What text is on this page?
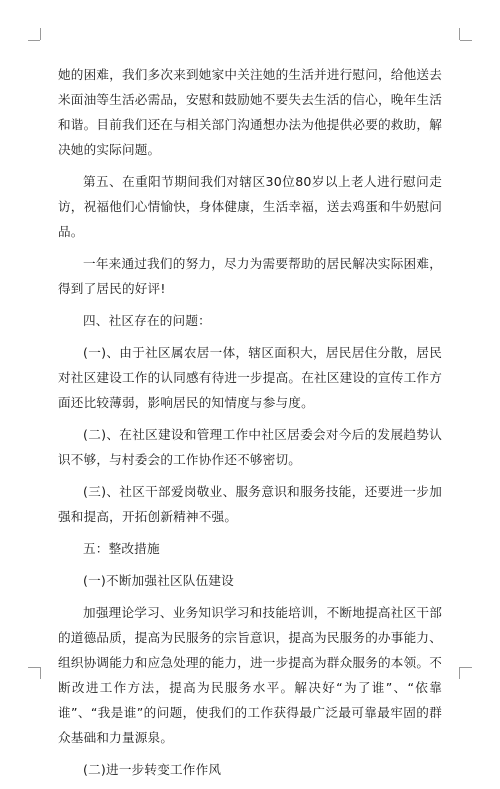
她的困难，我们多次来到她家中关注她的生活并进行慰问，给他送去米面油等生活必需品，安慰和鼓励她不要失去生活的信心，晚年生活和谐。目前我们还在与相关部门沟通想办法为他提供必要的救助，解决她的实际问题。

第五、在重阳节期间我们对辖区30位80岁以上老人进行慰问走访，祝福他们心情愉快，身体健康，生活幸福，送去鸡蛋和牛奶慰问品。

一年来通过我们的努力，尽力为需要帮助的居民解决实际困难，得到了居民的好评!

四、社区存在的问题：

(一)、由于社区属农居一体，辖区面积大，居民居住分散，居民对社区建设工作的认同感有待进一步提高。在社区建设的宣传工作方面还比较薄弱，影响居民的知情度与参与度。

(二)、在社区建设和管理工作中社区居委会对今后的发展趋势认识不够，与村委会的工作协作还不够密切。

(三)、社区干部爱岗敬业、服务意识和服务技能，还要进一步加强和提高，开拓创新精神不强。

五：整改措施

(一)不断加强社区队伍建设

加强理论学习、业务知识学习和技能培训，不断地提高社区干部的道德品质，提高为民服务的宗旨意识，提高为民服务的办事能力、组织协调能力和应急处理的能力，进一步提高为群众服务的本领。不断改进工作方法，提高为民服务水平。解决好“为了谁”、“依靠谁”、“我是谁”的问题，使我们的工作获得最广泛最可靠最牢固的群众基础和力量源泉。

(二)进一步转变工作作风
